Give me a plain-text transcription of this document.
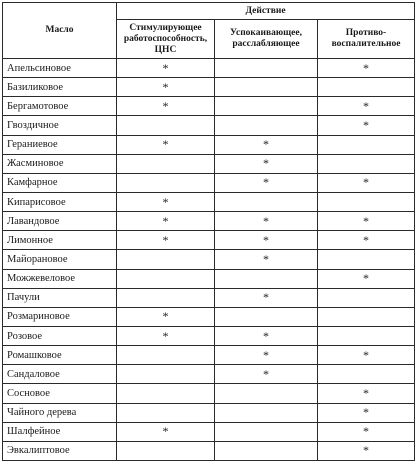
Масло	Действие		
	Стимулирующее работоспособность, ЦНС	Успокаивающее, расслабляющее	Противо-воспалительное
Апельсиновое	*		*
Базиликовое	*		
Бергамотовое	*		*
Гвоздичное			*
Гераниевое	*	*	
Жасминовое		*	
Камфарное		*	*
Кипарисовое	*		
Лавандовое	*	*	*
Лимонное	*	*	*
Майорановое		*	
Можжевеловое			*
Пачули		*	
Розмариновое	*		
Розовое	*	*	
Ромашковое		*	*
Сандаловое		*	
Сосновое			*
Чайного дерева			*
Шалфейное	*		*
Эвкалиптовое			*
